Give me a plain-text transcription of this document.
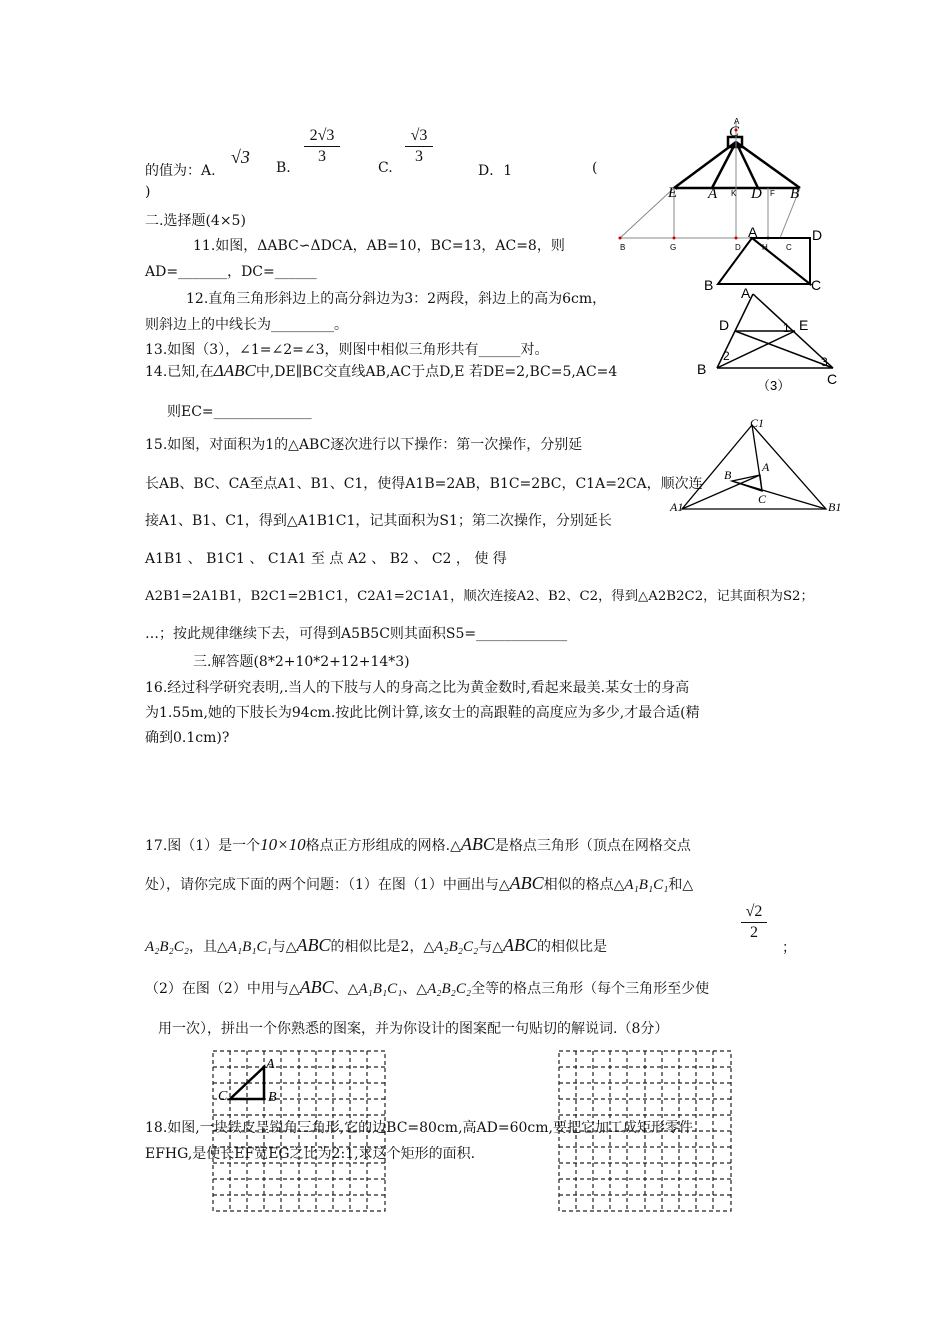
的值为：A.
√3
B.
2√3
3
C.
√3
3
D．1	(
)
二.选择题(4×5)
11.如图，ΔABC∽ΔDCA，AB=10，BC=13，AC=8，则
AD=_______，DC=______
12.直角三角形斜边上的高分斜边为3：2两段，斜边上的高为6cm，
则斜边上的中线长为_________。
13.如图（3），∠1=∠2=∠3，则图中相似三角形共有______对。
14.已知,在ΔABC中,DE∥BC交直线AB,AC于点D,E 若DE=2,BC=5,AC=4
则EC=______________
15.如图，对面积为1的△ABC逐次进行以下操作：第一次操作，分别延
长AB、BC、CA至点A1、B1、C1，使得A1B=2AB，B1C=2BC，C1A=2CA，顺次连
接A1、B1、C1，得到△A1B1C1，记其面积为S1；第二次操作，分别延长
A1B1 、 B1C1 、 C1A1 至 点 A2 、 B2 、 C2 ， 使 得
A2B1=2A1B1，B2C1=2B1C1，C2A1=2C1A1，顺次连接A2、B2、C2，得到△A2B2C2，记其面积为S2；
…；按此规律继续下去，可得到A5B5C则其面积S5=_____________
三.解答题(8*2+10*2+12+14*3)
16.经过科学研究表明,.当人的下肢与人的身高之比为黄金数时,看起来最美.某女士的身高
为1.55m,她的下肢长为94cm.按此比例计算,该女士的高跟鞋的高度应为多少,才最合适(精
确到0.1cm)?
17.图（1）是一个10×10格点正方形组成的网格.△ABC是格点三角形（顶点在网格交点
处），请你完成下面的两个问题：（1）在图（1）中画出与△ABC相似的格点△A₁B₁C₁和△
A₂B₂C₂，且△A₁B₁C₁与△ABC的相似比是2，△A₂B₂C₂与△ABC的相似比是
√2
2
；
（2）在图（2）中用与△ABC、△A₁B₁C₁、△A₂B₂C₂全等的格点三角形（每个三角形至少使
用一次），拼出一个你熟悉的图案，并为你设计的图案配一句贴切的解说词.（8分）
A
C	B
18.如图,一块铁皮呈锐角三角形,它的边BC=80cm,高AD=60cm,要把它加工成矩形零件
EFHG,是使长EF宽EG之比为2:1,求这个矩形的面积.
A
C
E A K D F B
B	G	D	H C
A	D
B	C
A
D	E
1
2	3
B
C
（3）
C1
A
B
C
A1	B1
